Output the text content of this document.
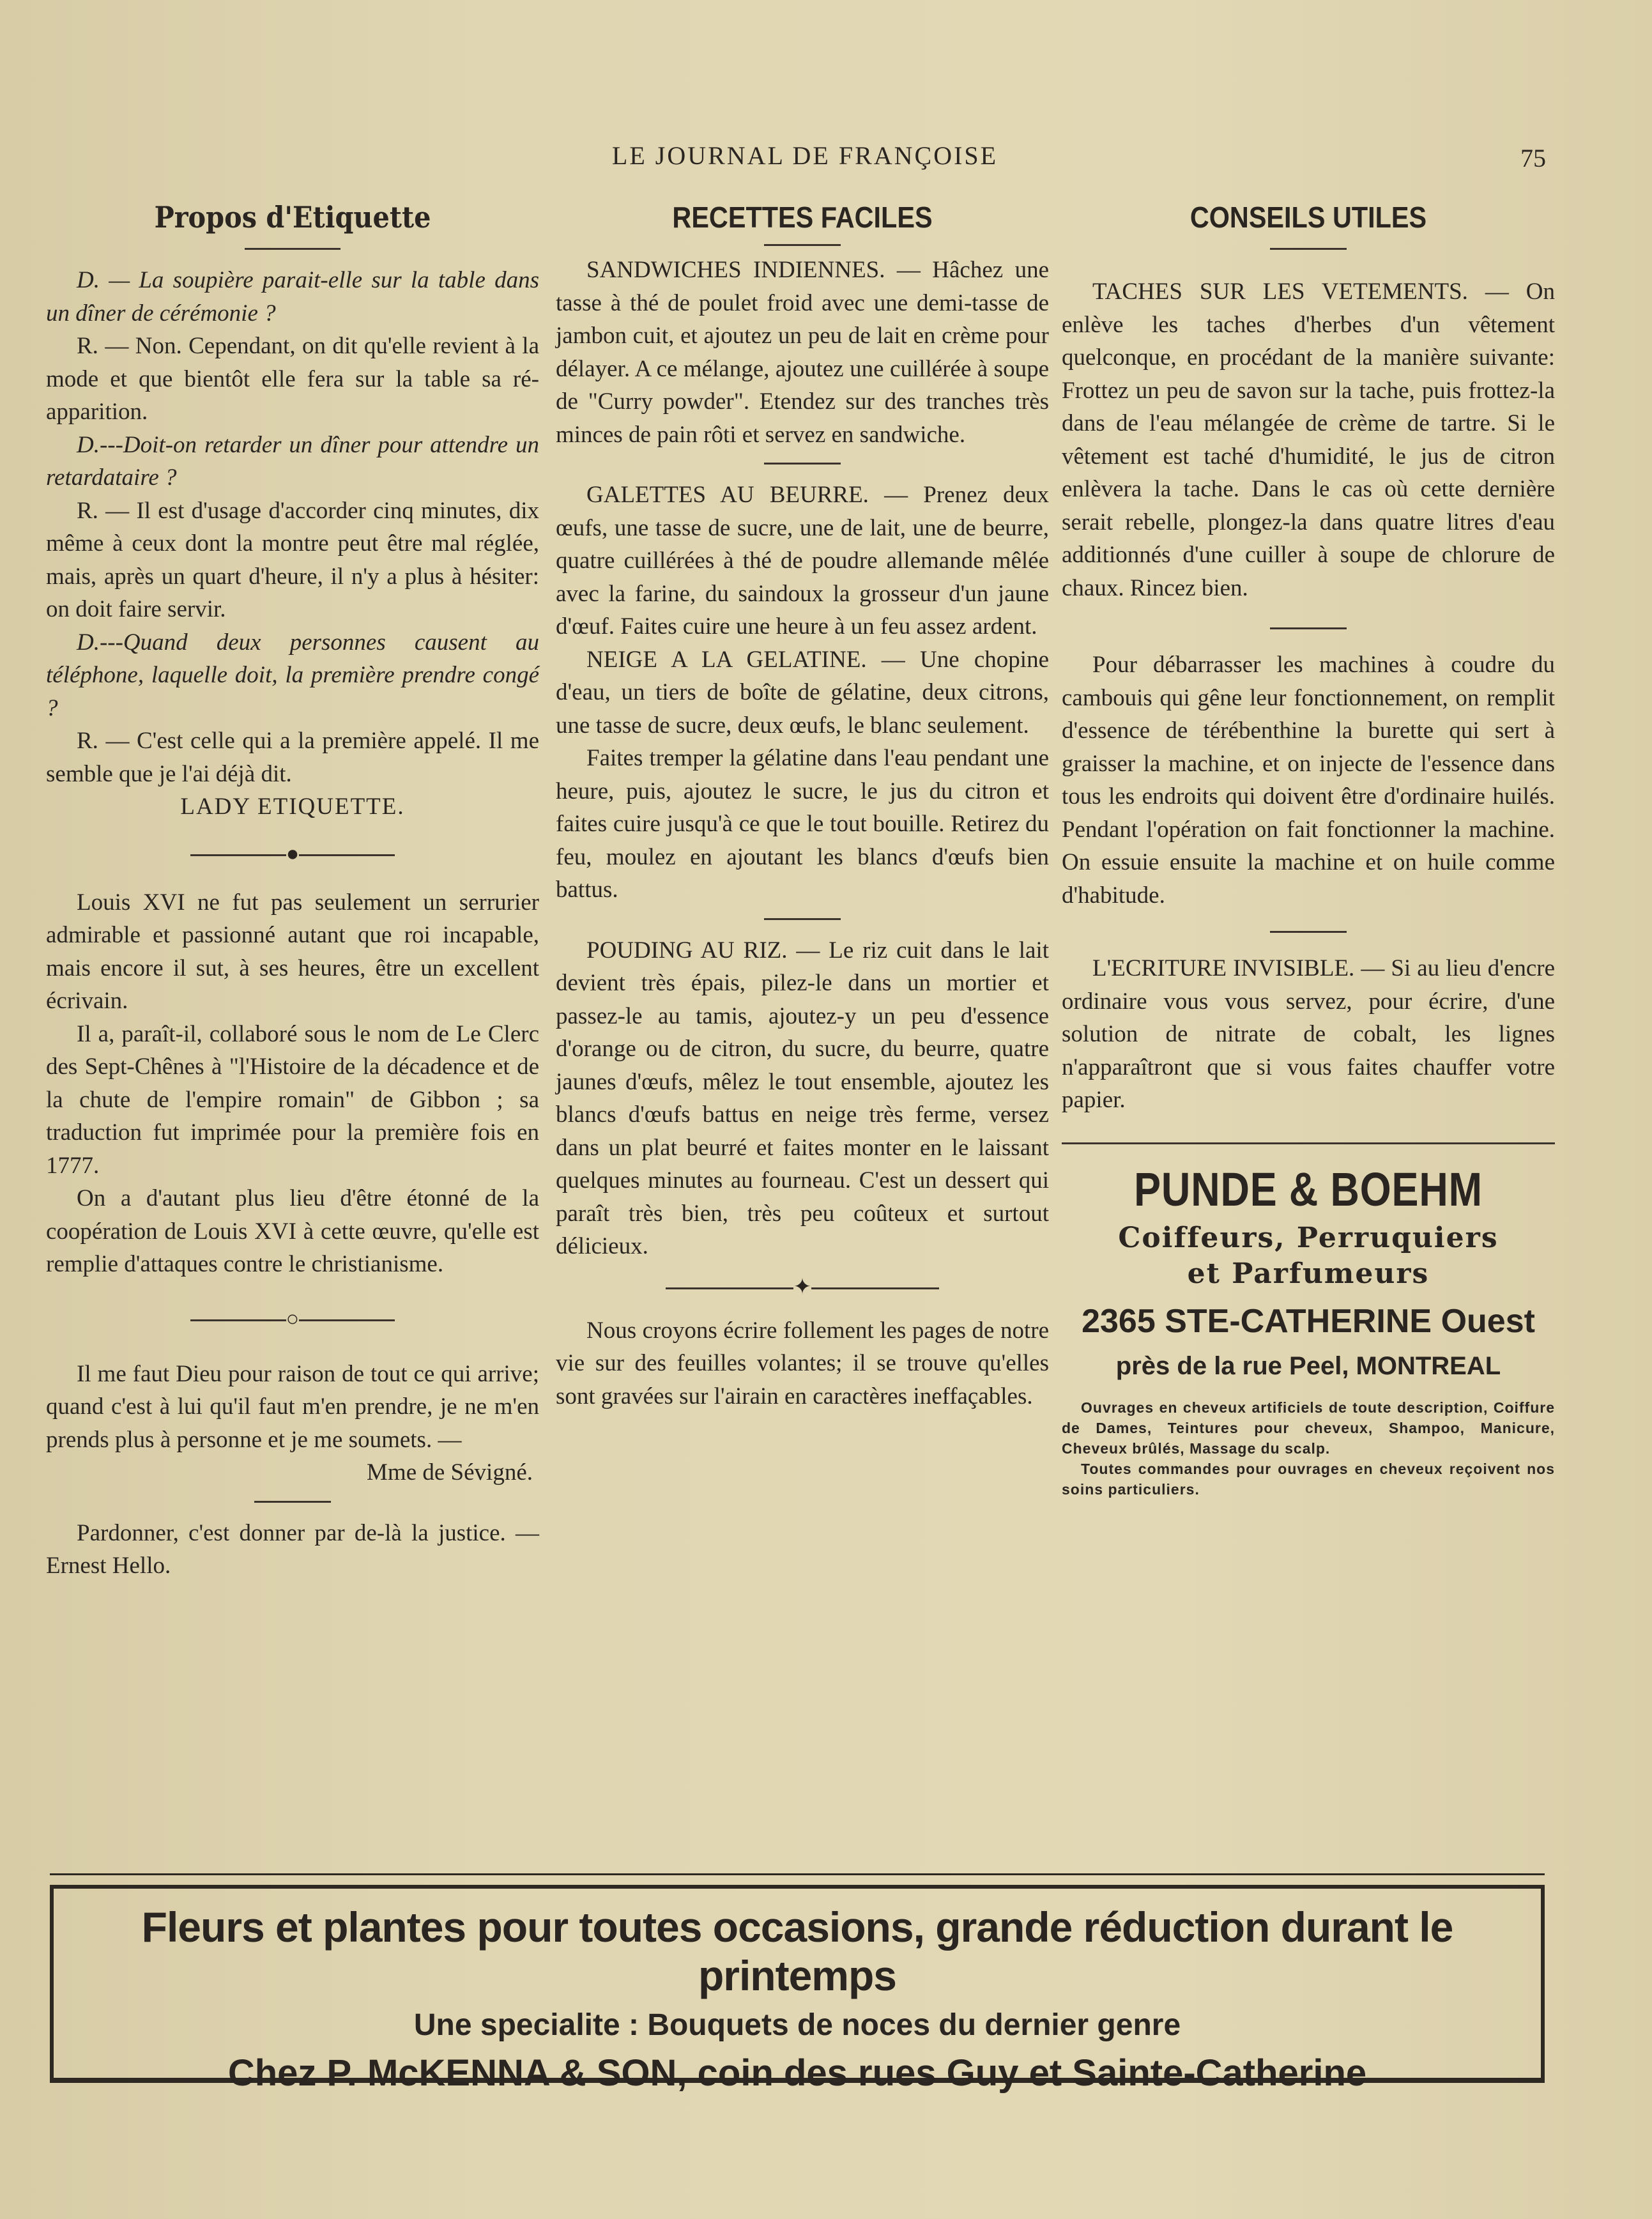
LE JOURNAL DE FRANÇOISE	75

Propos d'Etiquette

D. — La soupière parait-elle sur la table dans un dîner de cérémonie ?

R. — Non. Cependant, on dit qu'elle revient à la mode et que bientôt elle fera sur la table sa ré-apparition.

D.---Doit-on retarder un dîner pour attendre un retardataire ?

R. — Il est d'usage d'accorder cinq minutes, dix même à ceux dont la montre peut être mal réglée, mais, après un quart d'heure, il n'y a plus à hésiter: on doit faire servir.

D.---Quand deux personnes causent au téléphone, laquelle doit, la première prendre congé ?

R. — C'est celle qui a la première appelé. Il me semble que je l'ai déjà dit.

LADY ETIQUETTE.

●

Louis XVI ne fut pas seulement un serrurier admirable et passionné autant que roi incapable, mais encore il sut, à ses heures, être un excellent écrivain.

Il a, paraît-il, collaboré sous le nom de Le Clerc des Sept-Chênes à "l'Histoire de la décadence et de la chute de l'empire romain" de Gibbon ; sa traduction fut imprimée pour la première fois en 1777.

On a d'autant plus lieu d'être étonné de la coopération de Louis XVI à cette œuvre, qu'elle est remplie d'attaques contre le christianisme.

○

Il me faut Dieu pour raison de tout ce qui arrive; quand c'est à lui qu'il faut m'en prendre, je ne m'en prends plus à personne et je me soumets. —

Mme de Sévigné.

Pardonner, c'est donner par de-là la justice. — Ernest Hello.

RECETTES FACILES

SANDWICHES INDIENNES. — Hâchez une tasse à thé de poulet froid avec une demi-tasse de jambon cuit, et ajoutez un peu de lait en crème pour délayer. A ce mélange, ajoutez une cuillérée à soupe de "Curry powder". Etendez sur des tranches très minces de pain rôti et servez en sandwiche.

GALETTES AU BEURRE. — Prenez deux œufs, une tasse de sucre, une de lait, une de beurre, quatre cuillérées à thé de poudre allemande mêlée avec la farine, du saindoux la grosseur d'un jaune d'œuf. Faites cuire une heure à un feu assez ardent.

NEIGE A LA GELATINE. — Une chopine d'eau, un tiers de boîte de gélatine, deux citrons, une tasse de sucre, deux œufs, le blanc seulement.

Faites tremper la gélatine dans l'eau pendant une heure, puis, ajoutez le sucre, le jus du citron et faites cuire jusqu'à ce que le tout bouille. Retirez du feu, moulez en ajoutant les blancs d'œufs bien battus.

POUDING AU RIZ. — Le riz cuit dans le lait devient très épais, pilez-le dans un mortier et passez-le au tamis, ajoutez-y un peu d'essence d'orange ou de citron, du sucre, du beurre, quatre jaunes d'œufs, mêlez le tout ensemble, ajoutez les blancs d'œufs battus en neige très ferme, versez dans un plat beurré et faites monter en le laissant quelques minutes au fourneau. C'est un dessert qui paraît très bien, très peu coûteux et surtout délicieux.

✦

Nous croyons écrire follement les pages de notre vie sur des feuilles volantes; il se trouve qu'elles sont gravées sur l'airain en caractères ineffaçables.

CONSEILS UTILES

TACHES SUR LES VETEMENTS. — On enlève les taches d'herbes d'un vêtement quelconque, en procédant de la manière suivante: Frottez un peu de savon sur la tache, puis frottez-la dans de l'eau mélangée de crème de tartre. Si le vêtement est taché d'humidité, le jus de citron enlèvera la tache. Dans le cas où cette dernière serait rebelle, plongez-la dans quatre litres d'eau additionnés d'une cuiller à soupe de chlorure de chaux. Rincez bien.

Pour débarrasser les machines à coudre du cambouis qui gêne leur fonctionnement, on remplit d'essence de térébenthine la burette qui sert à graisser la machine, et on injecte de l'essence dans tous les endroits qui doivent être d'ordinaire huilés. Pendant l'opération on fait fonctionner la machine. On essuie ensuite la machine et on huile comme d'habitude.

L'ECRITURE INVISIBLE. — Si au lieu d'encre ordinaire vous vous servez, pour écrire, d'une solution de nitrate de cobalt, les lignes n'apparaîtront que si vous faites chauffer votre papier.

PUNDE & BOEHM

Coiffeurs, Perruquiers

et Parfumeurs

2365 STE-CATHERINE Ouest

près de la rue Peel, MONTREAL

Ouvrages en cheveux artificiels de toute description, Coiffure de Dames, Teintures pour cheveux, Shampoo, Manicure, Cheveux brûlés, Massage du scalp.

Toutes commandes pour ouvrages en cheveux reçoivent nos soins particuliers.

Fleurs et plantes pour toutes occasions, grande réduction durant le printemps
Une specialite : Bouquets de noces du dernier genre
Chez P. McKENNA & SON, coin des rues Guy et Sainte-Catherine
